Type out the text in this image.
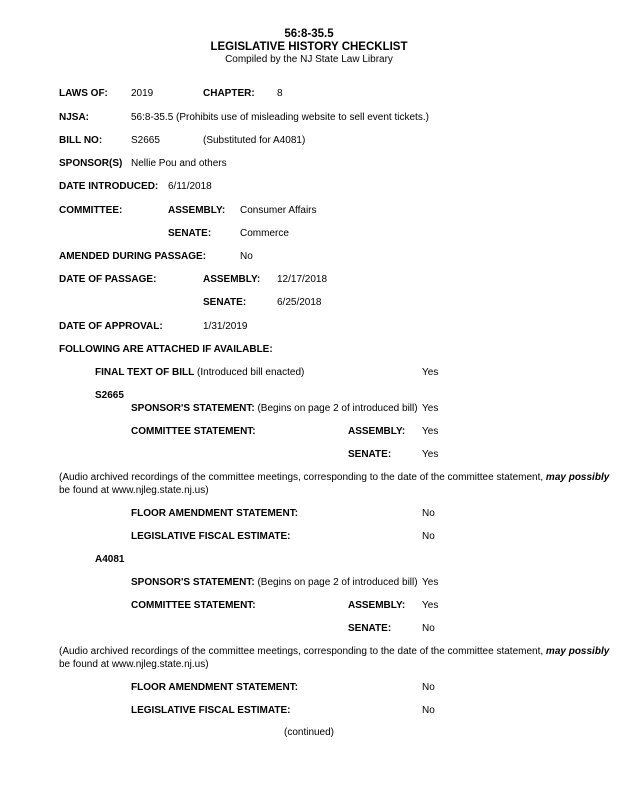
56:8-35.5
LEGISLATIVE HISTORY CHECKLIST
Compiled by the NJ State Law Library
LAWS OF: 2019	CHAPTER: 8
NJSA:	56:8-35.5 (Prohibits use of misleading website to sell event tickets.)
BILL NO:	S2665	(Substituted for A4081)
SPONSOR(S) Nellie Pou and others
DATE INTRODUCED: 6/11/2018
COMMITTEE:	ASSEMBLY: Consumer Affairs
SENATE:	Commerce
AMENDED DURING PASSAGE:	No
DATE OF PASSAGE:	ASSEMBLY: 12/17/2018
SENATE:	6/25/2018
DATE OF APPROVAL:	1/31/2019
FOLLOWING ARE ATTACHED IF AVAILABLE:
FINAL TEXT OF BILL (Introduced bill enacted)	Yes
S2665
SPONSOR'S STATEMENT: (Begins on page 2 of introduced bill) Yes
COMMITTEE STATEMENT:	ASSEMBLY: Yes
SENATE:	Yes
(Audio archived recordings of the committee meetings, corresponding to the date of the committee statement, may possibly
be found at www.njleg.state.nj.us)
FLOOR AMENDMENT STATEMENT:	No
LEGISLATIVE FISCAL ESTIMATE:	No
A4081
SPONSOR'S STATEMENT: (Begins on page 2 of introduced bill) Yes
COMMITTEE STATEMENT:	ASSEMBLY: Yes
SENATE:	No
(Audio archived recordings of the committee meetings, corresponding to the date of the committee statement, may possibly
be found at www.njleg.state.nj.us)
FLOOR AMENDMENT STATEMENT:	No
LEGISLATIVE FISCAL ESTIMATE:	No
(continued)
